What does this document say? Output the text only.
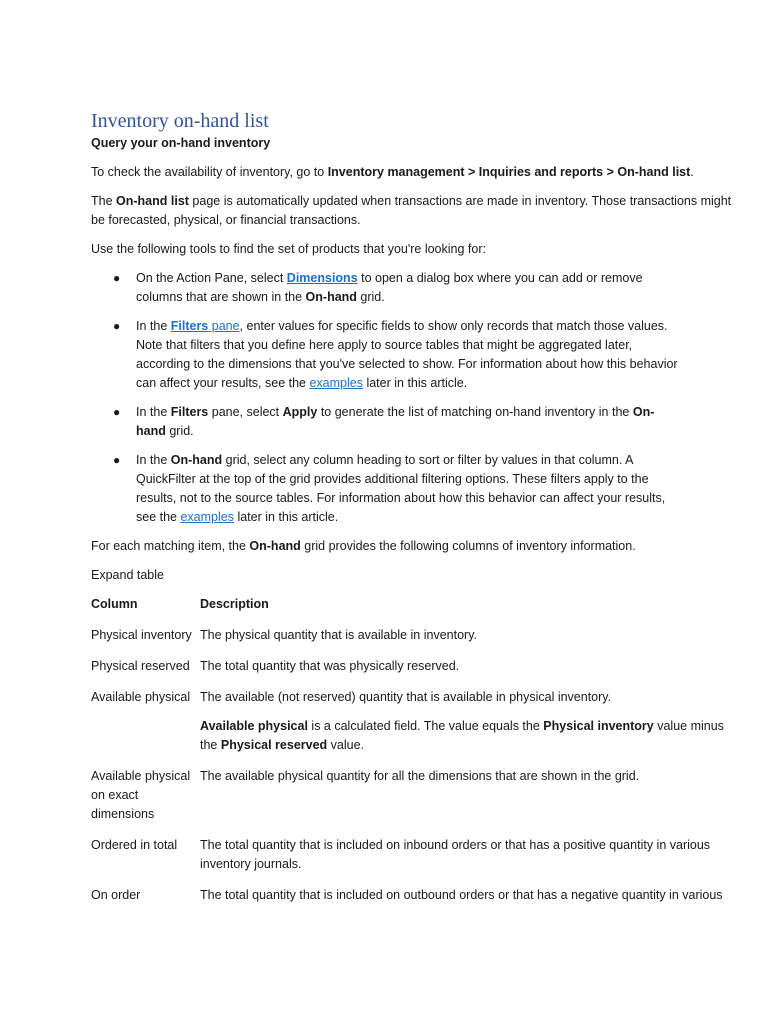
Inventory on-hand list
Query your on-hand inventory

To check the availability of inventory, go to Inventory management > Inquiries and reports > On-hand list.

The On-hand list page is automatically updated when transactions are made in inventory. Those transactions might be forecasted, physical, or financial transactions.

Use the following tools to find the set of products that you're looking for:

● On the Action Pane, select Dimensions to open a dialog box where you can add or remove columns that are shown in the On-hand grid.
● In the Filters pane, enter values for specific fields to show only records that match those values. Note that filters that you define here apply to source tables that might be aggregated later, according to the dimensions that you've selected to show. For information about how this behavior can affect your results, see the examples later in this article.
● In the Filters pane, select Apply to generate the list of matching on-hand inventory in the On-hand grid.
● In the On-hand grid, select any column heading to sort or filter by values in that column. A QuickFilter at the top of the grid provides additional filtering options. These filters apply to the results, not to the source tables. For information about how this behavior can affect your results, see the examples later in this article.

For each matching item, the On-hand grid provides the following columns of inventory information.

Expand table
Column	Description
Physical inventory	The physical quantity that is available in inventory.
Physical reserved	The total quantity that was physically reserved.
Available physical	The available (not reserved) quantity that is available in physical inventory.

Available physical is a calculated field. The value equals the Physical inventory value minus the Physical reserved value.

Available physical on exact dimensions	The available physical quantity for all the dimensions that are shown in the grid.
Ordered in total	The total quantity that is included on inbound orders or that has a positive quantity in various inventory journals.
On order	The total quantity that is included on outbound orders or that has a negative quantity in various
